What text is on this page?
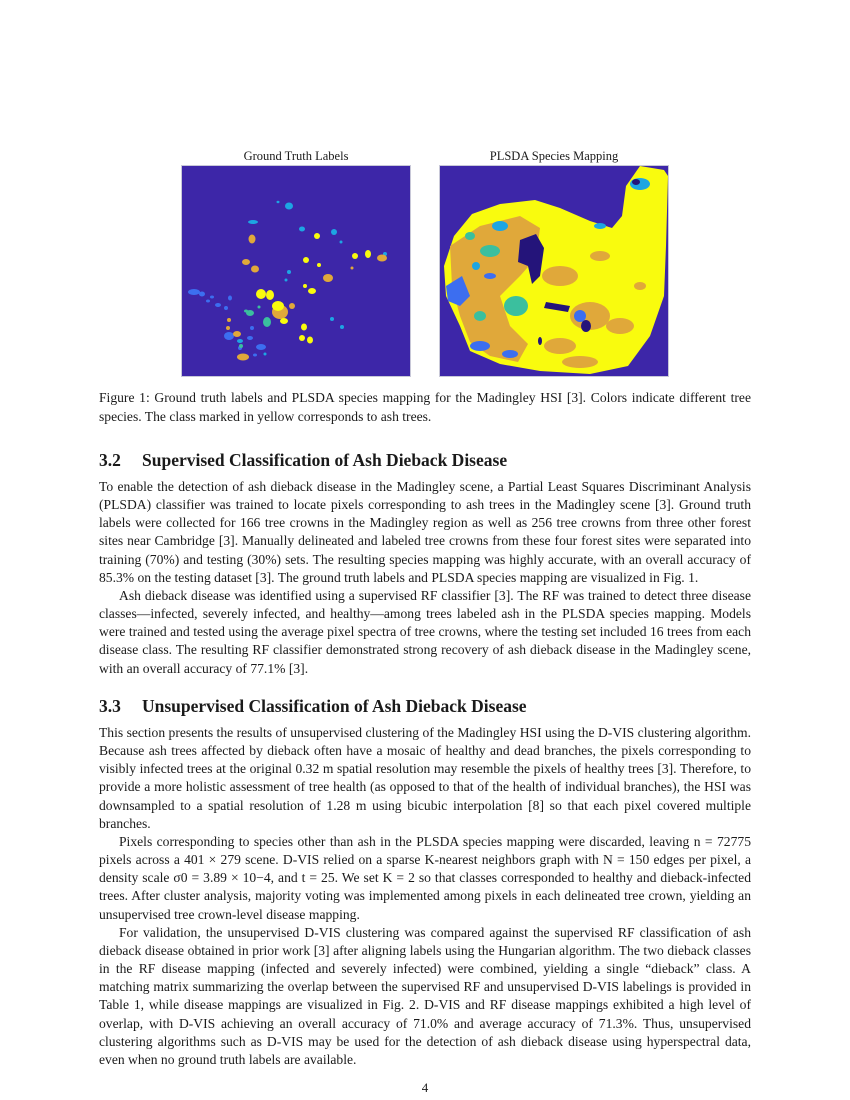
Ground Truth Labels	PLSDA Species Mapping
Figure 1: Ground truth labels and PLSDA species mapping for the Madingley HSI [3]. Colors indicate different tree species. The class marked in yellow corresponds to ash trees.
3.2 Supervised Classification of Ash Dieback Disease

To enable the detection of ash dieback disease in the Madingley scene, a Partial Least Squares Discriminant Analysis (PLSDA) classifier was trained to locate pixels corresponding to ash trees in the Madingley scene [3]. Ground truth labels were collected for 166 tree crowns in the Madingley region as well as 256 tree crowns from three other forest sites near Cambridge [3]. Manually delineated and labeled tree crowns from these four forest sites were separated into training (70%) and testing (30%) sets. The resulting species mapping was highly accurate, with an overall accuracy of 85.3% on the testing dataset [3]. The ground truth labels and PLSDA species mapping are visualized in Fig. 1.

Ash dieback disease was identified using a supervised RF classifier [3]. The RF was trained to detect three disease classes—infected, severely infected, and healthy—among trees labeled ash in the PLSDA species mapping. Models were trained and tested using the average pixel spectra of tree crowns, where the testing set included 16 trees from each disease class. The resulting RF classifier demonstrated strong recovery of ash dieback disease in the Madingley scene, with an overall accuracy of 77.1% [3].

3.3 Unsupervised Classification of Ash Dieback Disease

This section presents the results of unsupervised clustering of the Madingley HSI using the D-VIS clustering algorithm. Because ash trees affected by dieback often have a mosaic of healthy and dead branches, the pixels corresponding to visibly infected trees at the original 0.32 m spatial resolution may resemble the pixels of healthy trees [3]. Therefore, to provide a more holistic assessment of tree health (as opposed to that of the health of individual branches), the HSI was downsampled to a spatial resolution of 1.28 m using bicubic interpolation [8] so that each pixel covered multiple branches.

Pixels corresponding to species other than ash in the PLSDA species mapping were discarded, leaving n = 72775 pixels across a 401 × 279 scene. D-VIS relied on a sparse K-nearest neighbors graph with N = 150 edges per pixel, a density scale σ0 = 3.89 × 10−4, and t = 25. We set K = 2 so that classes corresponded to healthy and dieback-infected trees. After cluster analysis, majority voting was implemented among pixels in each delineated tree crown, yielding an unsupervised tree crown-level disease mapping.

For validation, the unsupervised D-VIS clustering was compared against the supervised RF classification of ash dieback disease obtained in prior work [3] after aligning labels using the Hungarian algorithm. The two dieback classes in the RF disease mapping (infected and severely infected) were combined, yielding a single “dieback” class. A matching matrix summarizing the overlap between the supervised RF and unsupervised D-VIS labelings is provided in Table 1, while disease mappings are visualized in Fig. 2. D-VIS and RF disease mappings exhibited a high level of overlap, with D-VIS achieving an overall accuracy of 71.0% and average accuracy of 71.3%. Thus, unsupervised clustering algorithms such as D-VIS may be used for the detection of ash dieback disease using hyperspectral data, even when no ground truth labels are available.

4
